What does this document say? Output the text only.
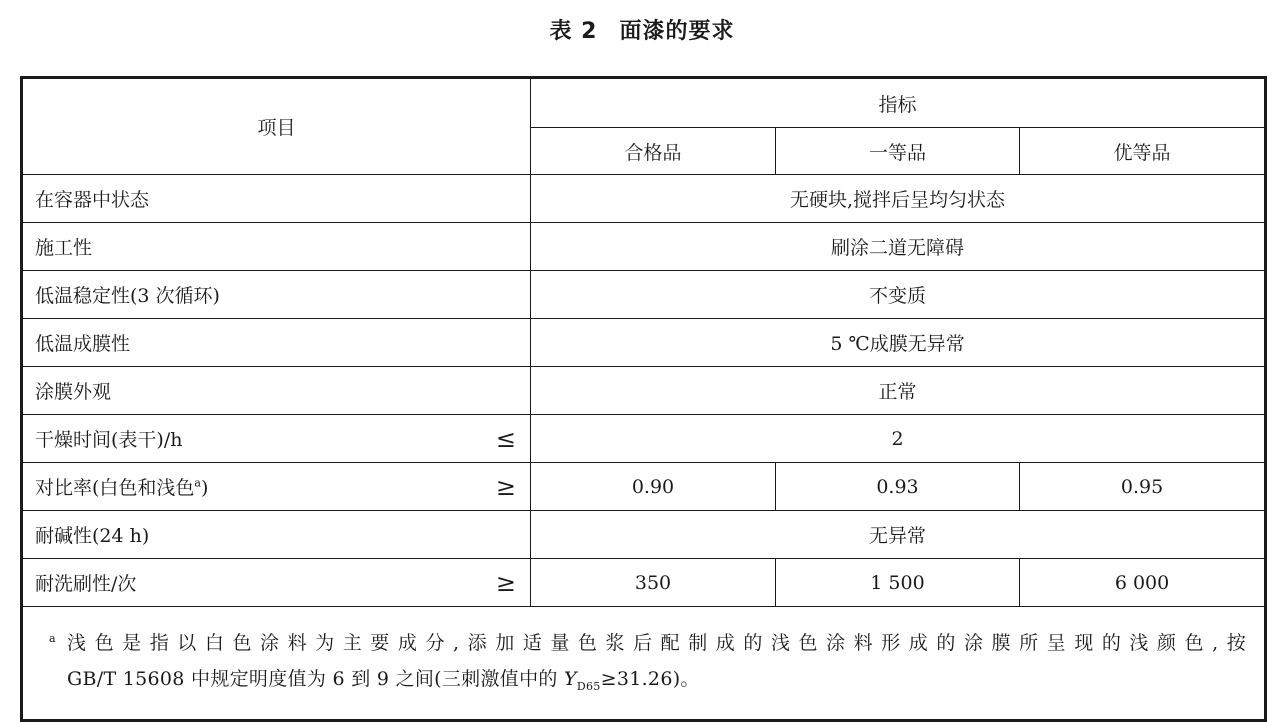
表 2 面漆的要求
项目	指标		
	合格品	一等品	优等品
在容器中状态	无硬块,搅拌后呈均匀状态		
施工性	刷涂二道无障碍		
低温稳定性(3 次循环)	不变质		
低温成膜性	5 ℃成膜无异常		
涂膜外观	正常		

干燥时间(表干)/h ≤	2		

对比率(白色和浅色$^a$) ≥	0.90	0.93	0.95
耐碱性(24 h)	无异常		

耐洗刷性/次 ≥	350	1 500	6 000

a 浅色是指以白色涂料为主要成分,添加适量色浆后配制成的浅色涂料形成的涂膜所呈现的浅颜色,按
GB/T 15608 中规定明度值为 6 到 9 之间(三刺激值中的 $Y_{D65}\ge 31.26$)。			
